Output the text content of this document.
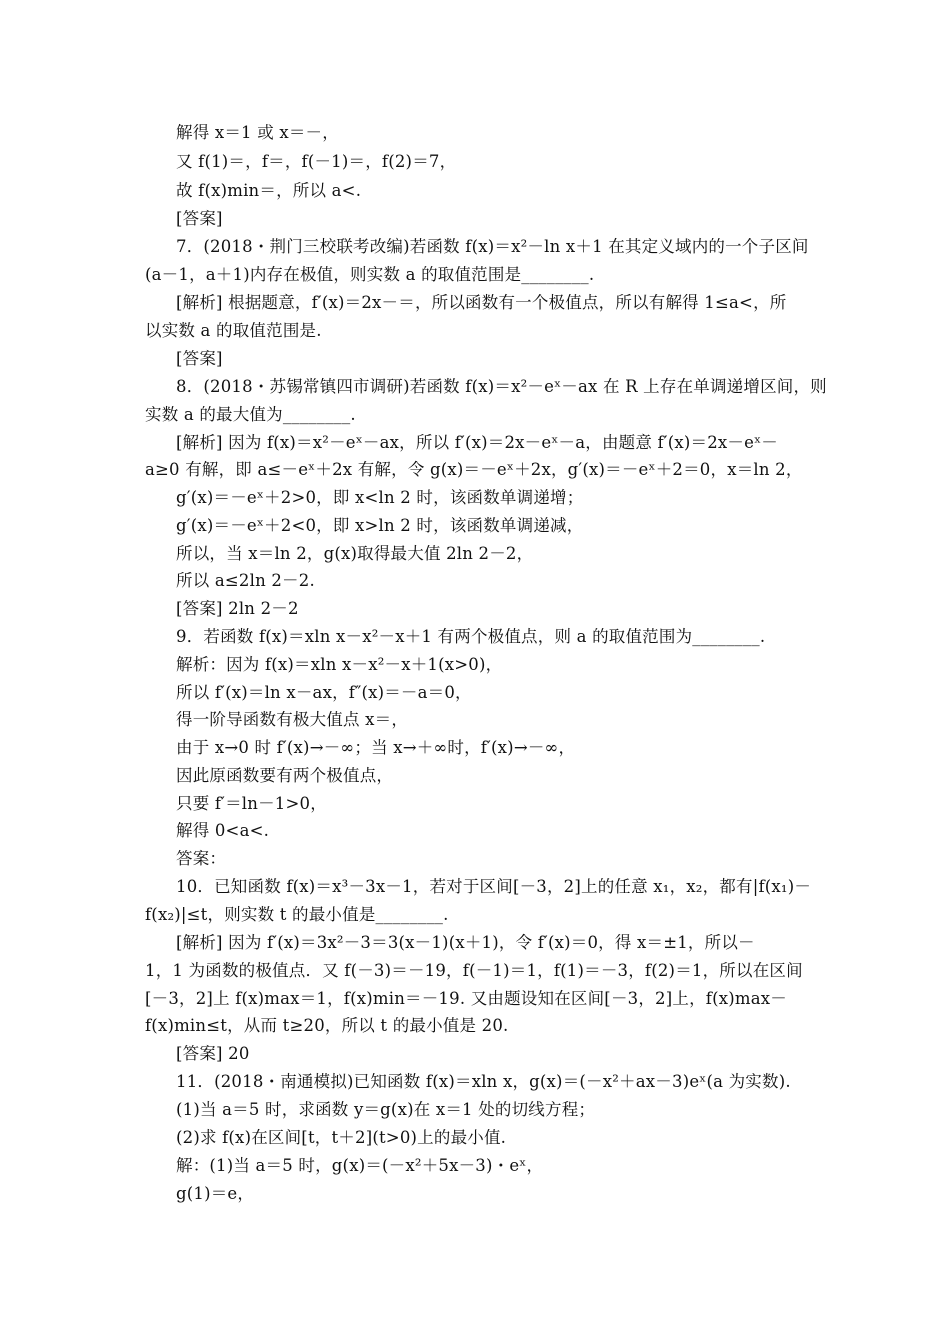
解得 x＝1 或 x＝－，
又 f(1)＝，f＝，f(－1)＝，f(2)＝7，
故 f(x)min＝，所以 a<.
[答案]
7．(2018・荆门三校联考改编)若函数 f(x)＝x²－ln x＋1 在其定义域内的一个子区间
(a－1，a＋1)内存在极值，则实数 a 的取值范围是________.
[解析] 根据题意，f′(x)＝2x－＝，所以函数有一个极值点，所以有解得 1≤a<，所
以实数 a 的取值范围是.
[答案]
8．(2018・苏锡常镇四市调研)若函数 f(x)＝x²－eˣ－ax 在 R 上存在单调递增区间，则
实数 a 的最大值为________.
[解析] 因为 f(x)＝x²－eˣ－ax，所以 f′(x)＝2x－eˣ－a，由题意 f′(x)＝2x－eˣ－
a≥0 有解，即 a≤－eˣ＋2x 有解，令 g(x)＝－eˣ＋2x，g′(x)＝－eˣ＋2＝0，x＝ln 2，
g′(x)＝－eˣ＋2>0，即 x<ln 2 时，该函数单调递增；
g′(x)＝－eˣ＋2<0，即 x>ln 2 时，该函数单调递减，
所以，当 x＝ln 2，g(x)取得最大值 2ln 2－2，
所以 a≤2ln 2－2.
[答案] 2ln 2－2
9．若函数 f(x)＝xln x－x²－x＋1 有两个极值点，则 a 的取值范围为________.
解析：因为 f(x)＝xln x－x²－x＋1(x>0)，
所以 f′(x)＝ln x－ax，f″(x)＝－a＝0，
得一阶导函数有极大值点 x＝，
由于 x→0 时 f′(x)→－∞；当 x→＋∞时，f′(x)→－∞，
因此原函数要有两个极值点，
只要 f′＝ln－1>0，
解得 0<a<.
答案：
10．已知函数 f(x)＝x³－3x－1，若对于区间[－3，2]上的任意 x₁，x₂，都有|f(x₁)－
f(x₂)|≤t，则实数 t 的最小值是________.
[解析] 因为 f′(x)＝3x²－3＝3(x－1)(x＋1)，令 f′(x)＝0，得 x＝±1，所以－
1，1 为函数的极值点．又 f(－3)＝－19，f(－1)＝1，f(1)＝－3，f(2)＝1，所以在区间
[－3，2]上 f(x)max＝1，f(x)min＝－19. 又由题设知在区间[－3，2]上，f(x)max－
f(x)min≤t，从而 t≥20，所以 t 的最小值是 20.
[答案] 20
11．(2018・南通模拟)已知函数 f(x)＝xln x，g(x)＝(－x²＋ax－3)eˣ(a 为实数).
(1)当 a＝5 时，求函数 y＝g(x)在 x＝1 处的切线方程；
(2)求 f(x)在区间[t，t＋2](t>0)上的最小值.
解：(1)当 a＝5 时，g(x)＝(－x²＋5x－3)・eˣ，
g(1)＝e，
